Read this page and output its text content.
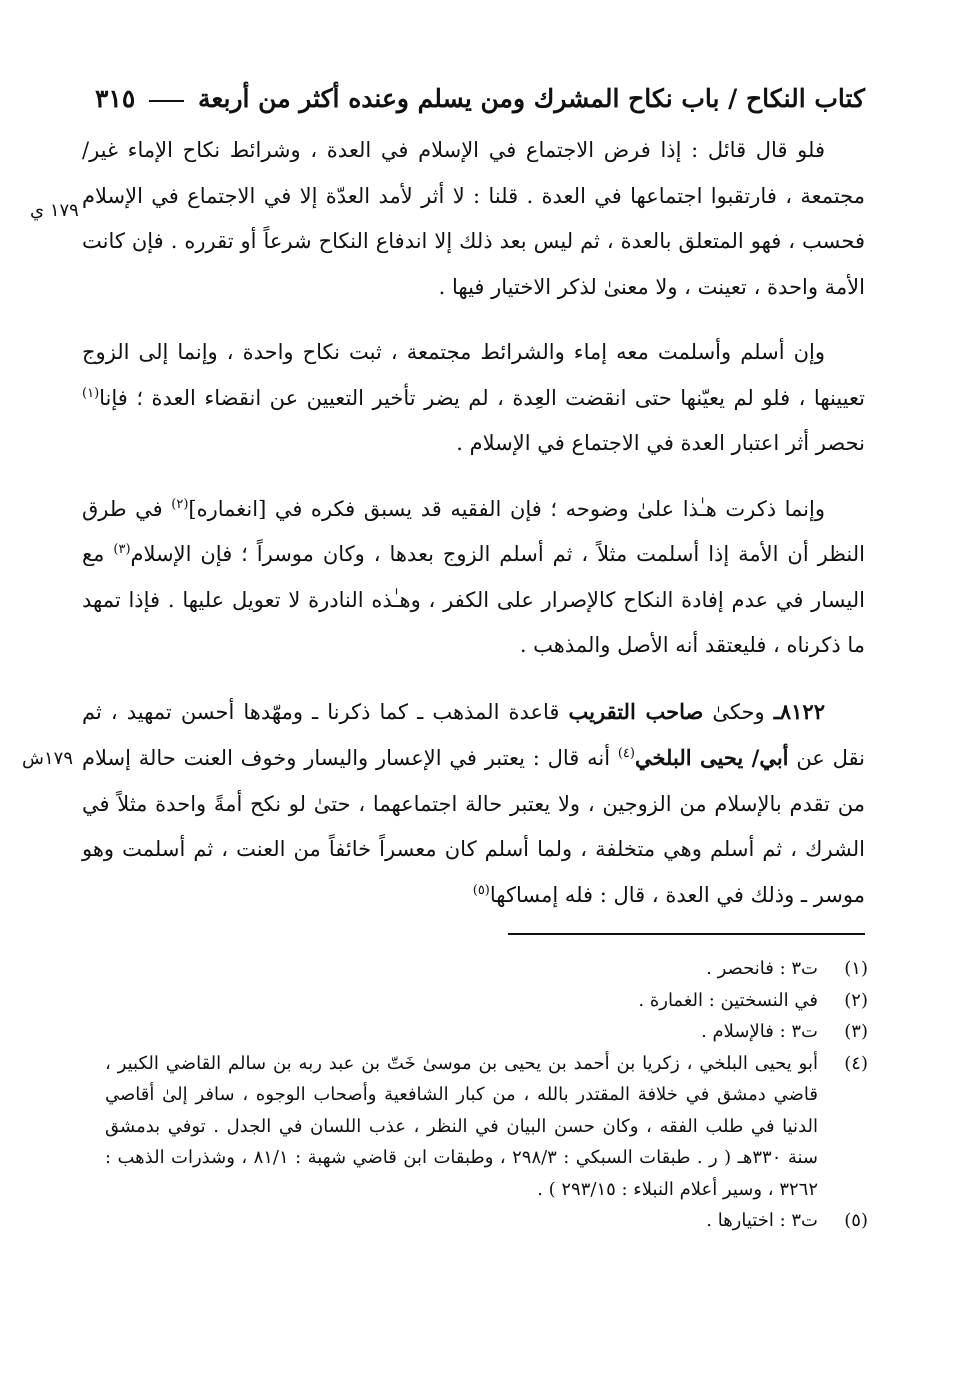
كتاب النكاح / باب نكاح المشرك ومن يسلم وعنده أكثر من أربعة
٣١٥
١٧٩ ي
١٧٩ش

فلو قال قائل : إذا فرض الاجتماع في الإسلام في العدة ، وشرائط نكاح الإماء غير/ مجتمعة ، فارتقبوا اجتماعها في العدة . قلنا : لا أثر لأمد العدّة إلا في الاجتماع في الإسلام فحسب ، فهو المتعلق بالعدة ، ثم ليس بعد ذلك إلا اندفاع النكاح شرعاً أو تقرره . فإن كانت الأمة واحدة ، تعينت ، ولا معنىٰ لذكر الاختيار فيها .

وإن أسلم وأسلمت معه إماء والشرائط مجتمعة ، ثبت نكاح واحدة ، وإنما إلى الزوج تعيينها ، فلو لم يعيّنها حتى انقضت العِدة ، لم يضر تأخير التعيين عن انقضاء العدة ؛ فإنا$^{(١)}$ نحصر أثر اعتبار العدة في الاجتماع في الإسلام .

وإنما ذكرت هـٰذا علىٰ وضوحه ؛ فإن الفقيه قد يسبق فكره في [انغماره]$^{(٢)}$ في طرق النظر أن الأمة إذا أسلمت مثلاً ، ثم أسلم الزوج بعدها ، وكان موسراً ؛ فإن الإسلام$^{(٣)}$ مع اليسار في عدم إفادة النكاح كالإصرار على الكفر ، وهـٰذه النادرة لا تعويل عليها . فإذا تمهد ما ذكرناه ، فليعتقد أنه الأصل والمذهب .

٨١٢٢ـ وحكىٰ صاحب التقريب قاعدة المذهب ـ كما ذكرنا ـ ومهّدها أحسن تمهيد ، ثم نقل عن أبي/ يحيى البلخي$^{(٤)}$ أنه قال : يعتبر في الإعسار واليسار وخوف العنت حالة إسلام من تقدم بالإسلام من الزوجين ، ولا يعتبر حالة اجتماعهما ، حتىٰ لو نكح أمةً واحدة مثلاً في الشرك ، ثم أسلم وهي متخلفة ، ولما أسلم كان معسراً خائفاً من العنت ، ثم أسلمت وهو موسر ـ وذلك في العدة ، قال : فله إمساكها$^{(٥)}$

(١)
ت٣ : فانحصر .
(٢)
في النسختين : الغمارة .
(٣)
ت٣ : فالإسلام .
(٤)
أبو يحيى البلخي ، زكريا بن أحمد بن يحيى بن موسىٰ خَتّ بن عبد ربه بن سالم القاضي الكبير ، قاضي دمشق في خلافة المقتدر بالله ، من كبار الشافعية وأصحاب الوجوه ، سافر إلىٰ أقاصي الدنيا في طلب الفقه ، وكان حسن البيان في النظر ، عذب اللسان في الجدل . توفي بدمشق سنة ٣٣٠هـ ( ر . طبقات السبكي : ٢٩٨/٣ ، وطبقات ابن قاضي شهبة : ٨١/١ ، وشذرات الذهب : ٣٢٦٢ ، وسير أعلام النبلاء : ٢٩٣/١٥ ) .
(٥)
ت٣ : اختيارها .
